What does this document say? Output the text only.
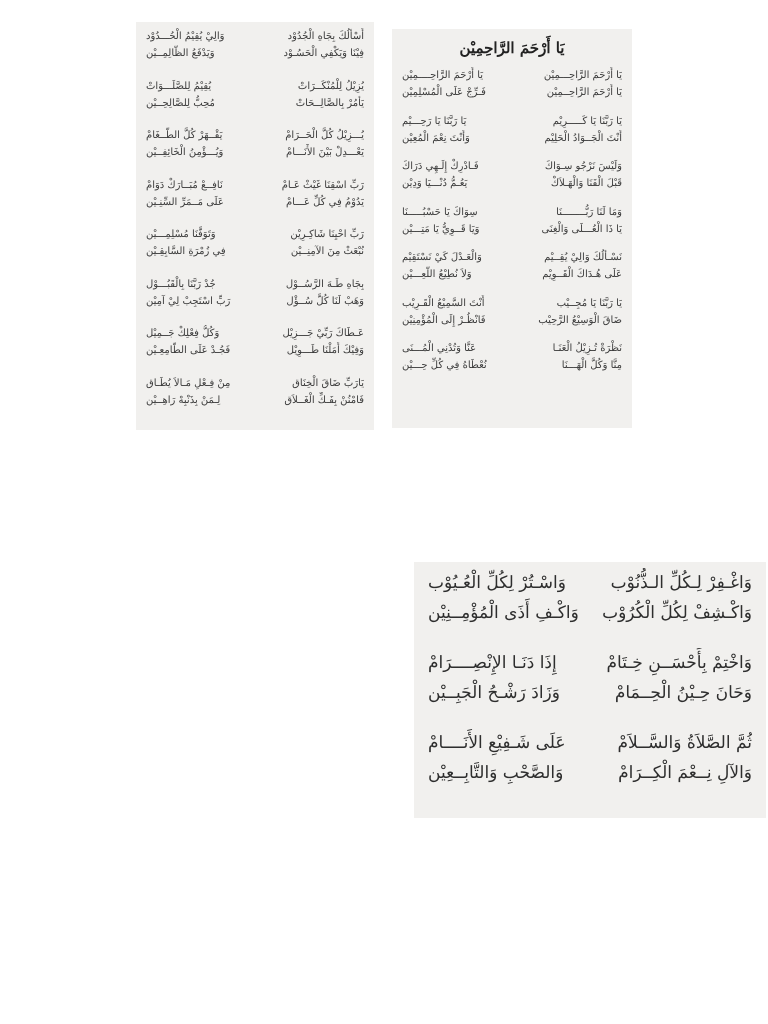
أَسْأَلُكَ بِجَاهِ الْجُدُوْد
وَالِيْ يُقِيْمُ الْحُـــدُوْد
فِيْنَا وَيَكْفِي الْحَسُـوْد
وَيَدْفَعُ الظَّالِمِــيْن
يُزِيْلُ لِلْمُنْكَــرَاتْ
يُقِيْمُ لِلصَّلَـــوَاتْ
يَأْمُرْ بِالصَّالِــحَاتْ
مُحِبُّ لِلصَّالِحِــيْن
يُـــزِيْلُ كُلَّ الْحَــرَامْ
يَقْــهَرْ كُلَّ الطَّــغَامْ
يَعْـــدِلْ بَيْنَ الأَنَـــامْ
وَيُـــؤْمِنُ الْخَائِفِــيْن
رَبِّ اسْقِنَا غَيْثْ عَـامْ
نَافِــعْ مُبَــارَكْ دَوَامْ
يَدُوْمُ فِي كُلِّ عَـــامْ
عَلَى مَــمَرِّ السِّنِـيْن
رَبِّ احْيِنَا شَاكِـرِيْن
وَتَوَفَّنَا مُسْلِمِـــيْن
نُبْعَثْ مِنَ الآمِنِــيْن
فِي زُمْرَةِ السَّابِقِـيْن
بِجَاهِ طَـهَ الرَّسُــوْل
جُدْ رَبَّنَا بِالْقَبُـــوْل
وَهَبْ لَنَا كُلَّ سُــؤْل
رَبِّ اسْتَجِبْ لِيْ آمِيْن
عَـطَاكَ رَبِّيْ جَـــزِيْل
وَكُلُّ فِعْلِكْ جَــمِيْل
وَفِيْكَ أَمَلْنَا طَـــوِيْل
فَجُـدْ عَلَى الطَّامِعِـيْن
يَارَبِّ ضَاقَ الْخِنَاق
مِنْ فِـعْلِ مَـالاَ يُطَـاق
فَامْنُنْ بِفَـكِّ الْغَــلاَق
لِـمَنْ بِذَنْبِهْ رَاهِــيْن
يَا أَرْحَمَ الرَّاحِمِيْن
يَا أَرْحَمَ الرَّاحِـــمِيْن
يَا أَرْحَمَ الرَّاحِــــمِيْن
يَا أَرْحَمَ الرَّاحِــمِيْن
فَـرِّجْ عَلَى الْمُسْلِمِيْن
يَا رَبَّنَا يَا كَـــــرِيْم
يَا رَبَّنَا يَا رَحِـــيْم
أَنْتَ الْجَــوَادُ الْحَلِيْم
وَأَنْتَ نِعْمَ الْمُعِيْن
وَلَيْسَ نَرْجُو سِـوَاكَ
فَـادْرِكْ إِلَـهِي دَرَاكَ
قَبْلَ الْفَنَا وَالْهَـلاَكْ
يَعُـمُّ دُنْـــيَا وَدِيْن
وَمَا لَنَا رَبُّــــــــنَا
سِوَاكَ يَا حَسْبُـــــنَا
يَا ذَا الْعُـــلَى وَالْغِنَى
وَيَا قَــوِيُّ يَا مَتِـــيْن
نَسْـأَلُكَ وَالِيْ يُقِــيْم
وَالْعَـدْلَ كَيْ نَسْتَقِيْم
عَلَى هُـدَاكَ الْقَــوِيْم
وَلاَ نُطِيْعُ اللَّعِـــيْن
يَا رَبَّنَا يَا مُجِــيْب
أَنْتَ السَّمِيْعُ الْقَـرِيْب
ضَاقَ الْوَسِيْعُ الرَّحِيْب
فَانْظُـرْ إِلَى الْمُؤْمِنِيْن
نَظْرَةْ تُـزِيْلُ الْعَنَـا
عَنَّا وَتُدْنِي الْمُـــنَى
مِنَّا وَكُلَّ الْهَـــنَا
نُعْطَاهُ فِي كُلِّ حِـــيْن
وَاغْـفِرْ لِـكُلِّ الـذُّنُوْب
وَاسْـتُرْ لِكُلِّ الْعُـيُوْب
وَاكْـشِفْ لِكُلِّ الْكُرُوْب
وَاكْـفِ أَذَى الْمُؤْمِــنِيْن
وَاخْتِمْ بِأَحْسَــنِ خِـتَامْ
إِذَا دَنَـا الإِنْصِــــرَامْ
وَحَانَ حِـيْنُ الْحِــمَامْ
وَزَادَ رَشْـحُ الْجَبِــيْن
ثُمَّ الصَّلاَةُ وَالسَّــلاَمْ
عَلَى شَـفِيْعِ الأَنَــــامْ
وَالآلِ نِــعْمَ الْكِــرَامْ
وَالصَّحْبِ وَالتَّابِــعِيْن
